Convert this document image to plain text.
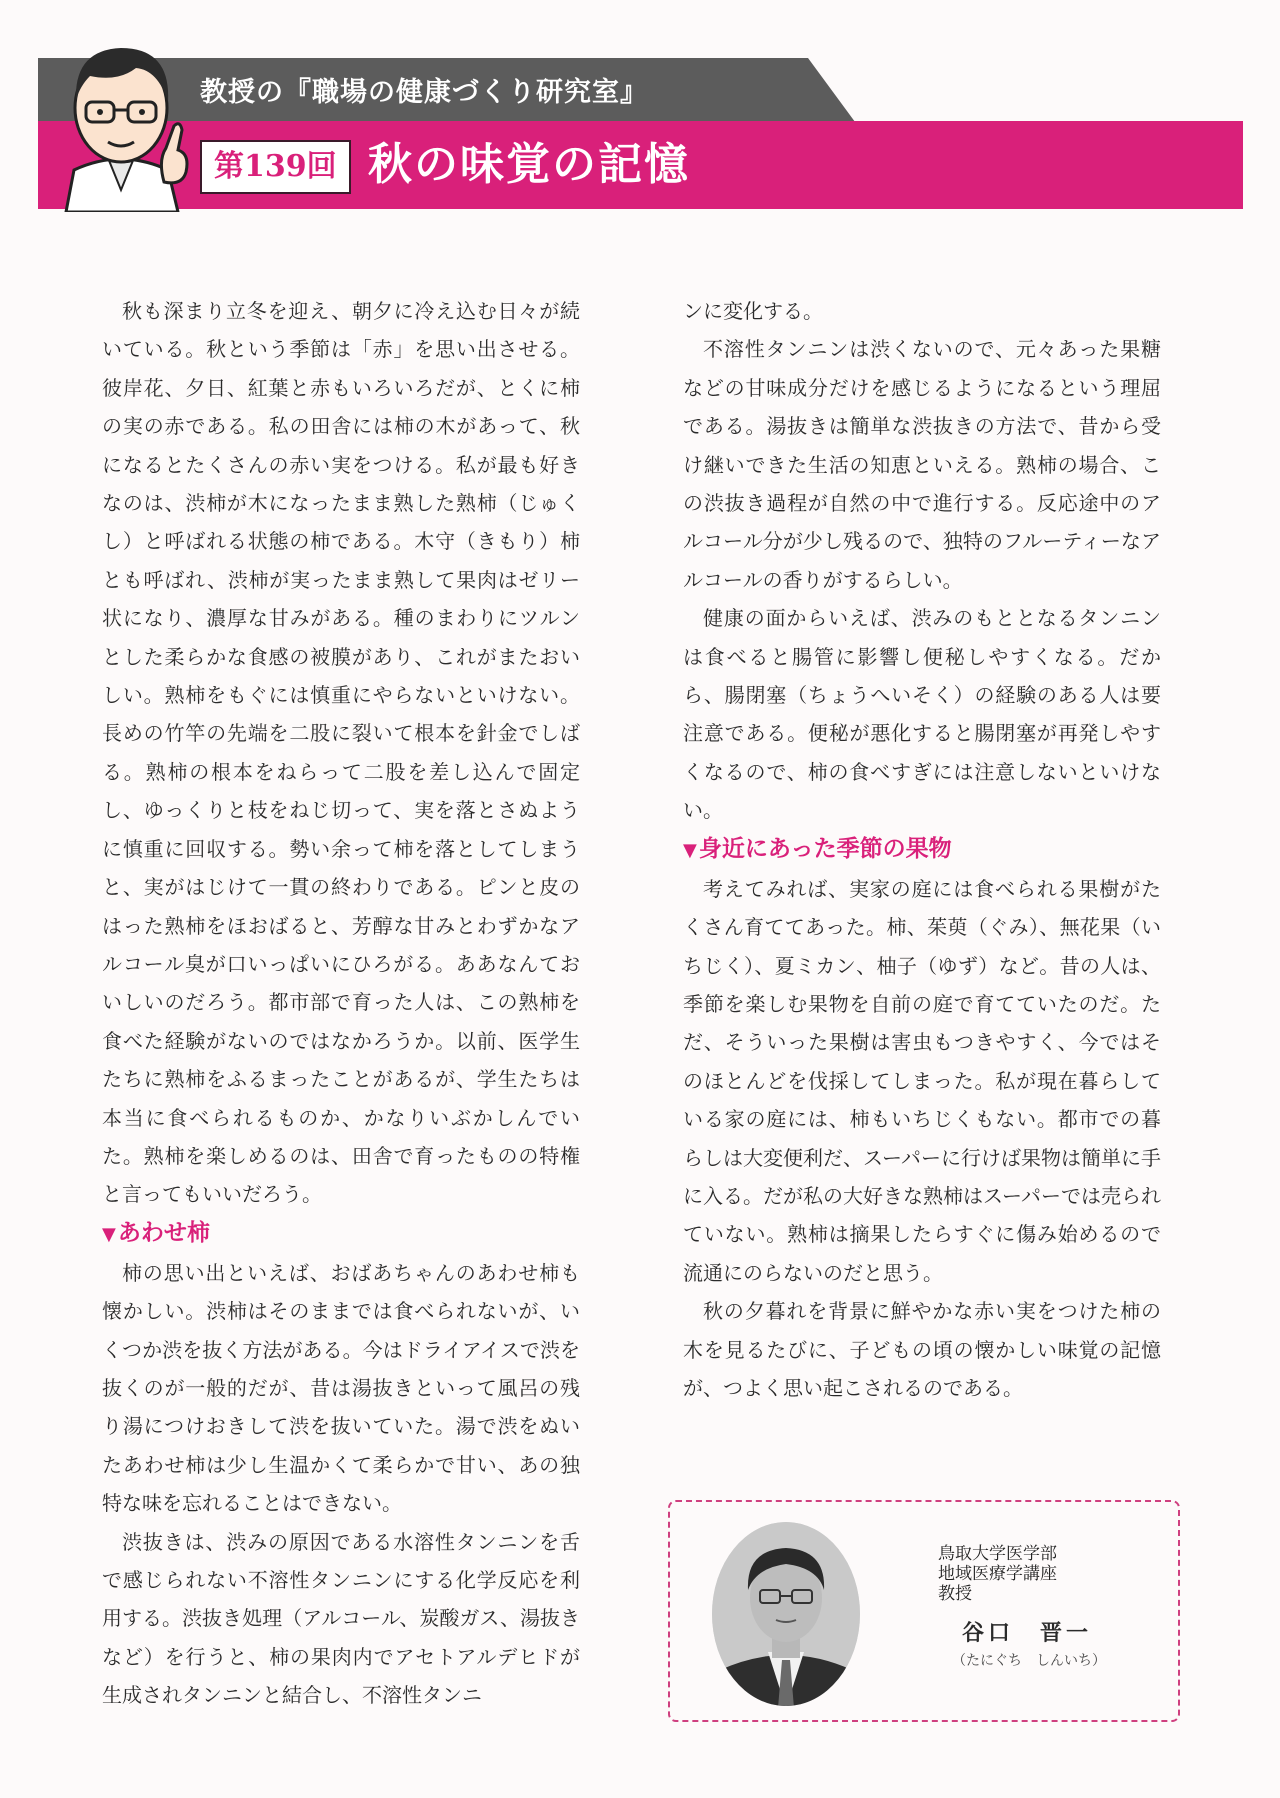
教授の『職場の健康づくり研究室』
第139回 秋の味覚の記憶

秋も深まり立冬を迎え、朝夕に冷え込む日々が続いている。秋という季節は「赤」を思い出させる。彼岸花、夕日、紅葉と赤もいろいろだが、とくに柿の実の赤である。私の田舎には柿の木があって、秋になるとたくさんの赤い実をつける。私が最も好きなのは、渋柿が木になったまま熟した熟柿（じゅくし）と呼ばれる状態の柿である。木守（きもり）柿とも呼ばれ、渋柿が実ったまま熟して果肉はゼリー状になり、濃厚な甘みがある。種のまわりにツルンとした柔らかな食感の被膜があり、これがまたおいしい。熟柿をもぐには慎重にやらないといけない。長めの竹竿の先端を二股に裂いて根本を針金でしばる。熟柿の根本をねらって二股を差し込んで固定し、ゆっくりと枝をねじ切って、実を落とさぬように慎重に回収する。勢い余って柿を落としてしまうと、実がはじけて一貫の終わりである。ピンと皮のはった熟柿をほおばると、芳醇な甘みとわずかなアルコール臭が口いっぱいにひろがる。ああなんておいしいのだろう。都市部で育った人は、この熟柿を食べた経験がないのではなかろうか。以前、医学生たちに熟柿をふるまったことがあるが、学生たちは本当に食べられるものか、かなりいぶかしんでいた。熟柿を楽しめるのは、田舎で育ったものの特権と言ってもいいだろう。

▼あわせ柿

柿の思い出といえば、おばあちゃんのあわせ柿も懐かしい。渋柿はそのままでは食べられないが、いくつか渋を抜く方法がある。今はドライアイスで渋を抜くのが一般的だが、昔は湯抜きといって風呂の残り湯につけおきして渋を抜いていた。湯で渋をぬいたあわせ柿は少し生温かくて柔らかで甘い、あの独特な味を忘れることはできない。

渋抜きは、渋みの原因である水溶性タンニンを舌で感じられない不溶性タンニンにする化学反応を利用する。渋抜き処理（アルコール、炭酸ガス、湯抜きなど）を行うと、柿の果肉内でアセトアルデヒドが生成されタンニンと結合し、不溶性タンニ

ンに変化する。

不溶性タンニンは渋くないので、元々あった果糖などの甘味成分だけを感じるようになるという理屈である。湯抜きは簡単な渋抜きの方法で、昔から受け継いできた生活の知恵といえる。熟柿の場合、この渋抜き過程が自然の中で進行する。反応途中のアルコール分が少し残るので、独特のフルーティーなアルコールの香りがするらしい。

健康の面からいえば、渋みのもととなるタンニンは食べると腸管に影響し便秘しやすくなる。だから、腸閉塞（ちょうへいそく）の経験のある人は要注意である。便秘が悪化すると腸閉塞が再発しやすくなるので、柿の食べすぎには注意しないといけない。

▼身近にあった季節の果物

考えてみれば、実家の庭には食べられる果樹がたくさん育ててあった。柿、茱萸（ぐみ）、無花果（いちじく）、夏ミカン、柚子（ゆず）など。昔の人は、季節を楽しむ果物を自前の庭で育てていたのだ。ただ、そういった果樹は害虫もつきやすく、今ではそのほとんどを伐採してしまった。私が現在暮らしている家の庭には、柿もいちじくもない。都市での暮らしは大変便利だ、スーパーに行けば果物は簡単に手に入る。だが私の大好きな熟柿はスーパーでは売られていない。熟柿は摘果したらすぐに傷み始めるので流通にのらないのだと思う。

秋の夕暮れを背景に鮮やかな赤い実をつけた柿の木を見るたびに、子どもの頃の懐かしい味覚の記憶が、つよく思い起こされるのである。

鳥取大学医学部
地域医療学講座
教授
谷口　晋一
（たにぐち　しんいち）
